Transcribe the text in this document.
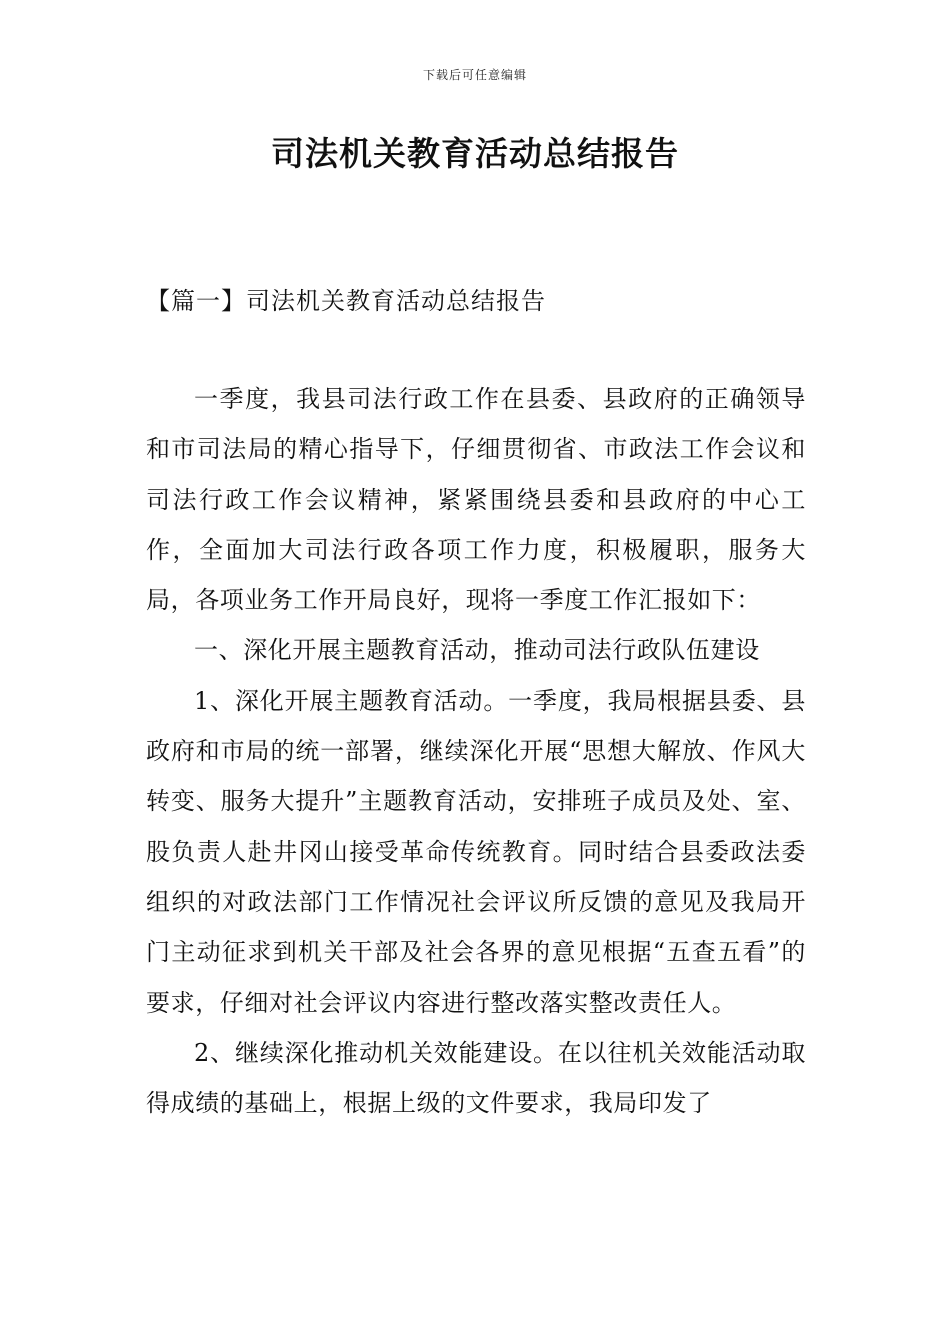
下载后可任意编辑
司法机关教育活动总结报告
【篇一】司法机关教育活动总结报告

一季度，我县司法行政工作在县委、县政府的正确领导和市司法局的精心指导下，仔细贯彻省、市政法工作会议和司法行政工作会议精神，紧紧围绕县委和县政府的中心工作，全面加大司法行政各项工作力度，积极履职，服务大局，各项业务工作开局良好，现将一季度工作汇报如下：

一、深化开展主题教育活动，推动司法行政队伍建设

1、深化开展主题教育活动。一季度，我局根据县委、县政府和市局的统一部署，继续深化开展“思想大解放、作风大转变、服务大提升”主题教育活动，安排班子成员及处、室、股负责人赴井冈山接受革命传统教育。同时结合县委政法委组织的对政法部门工作情况社会评议所反馈的意见及我局开门主动征求到机关干部及社会各界的意见根据“五查五看”的要求，仔细对社会评议内容进行整改落实整改责任人。

2、继续深化推动机关效能建设。在以往机关效能活动取得成绩的基础上，根据上级的文件要求，我局印发了
